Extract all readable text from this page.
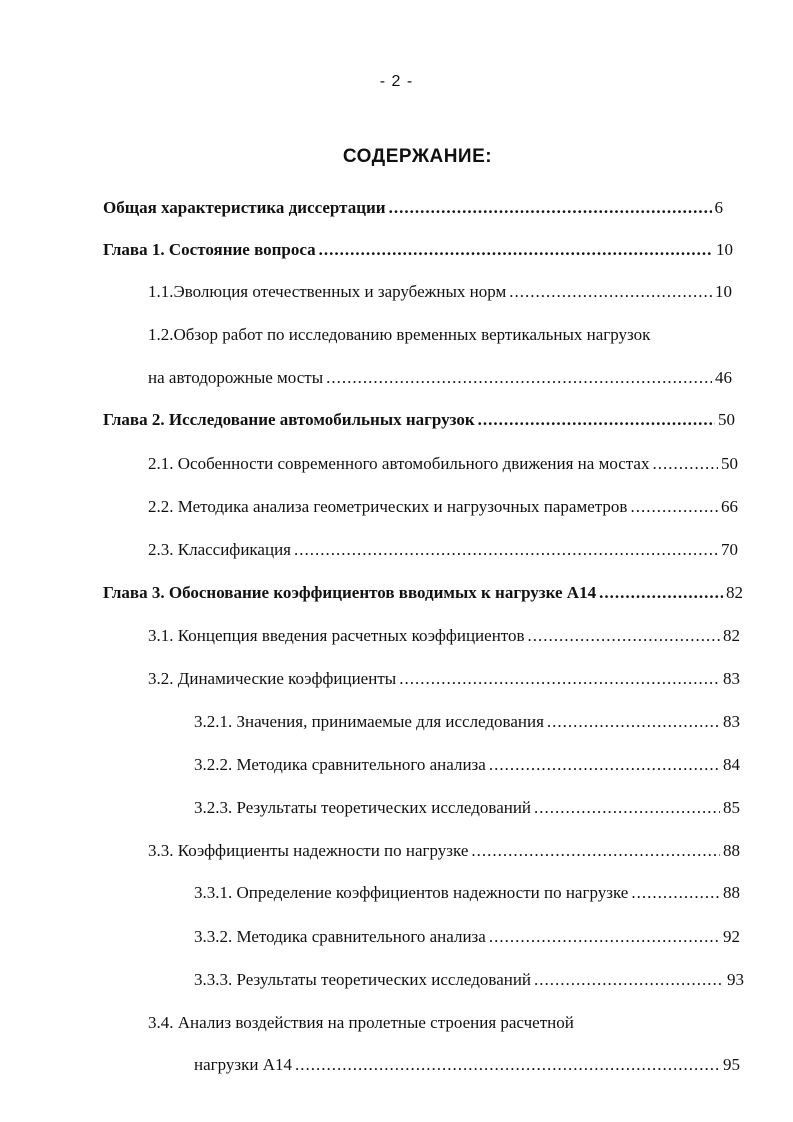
- 2 -
СОДЕРЖАНИЕ:
Общая характеристика диссертации .....	6
Глава 1. Состояние вопроса .....	10
1.1.Эволюция отечественных и зарубежных норм .....	10
1.2.Обзор работ по исследованию временных вертикальных нагрузок
на автодорожные мосты .....	46
Глава 2. Исследование автомобильных нагрузок .....	50
2.1. Особенности современного автомобильного движения на мостах .....	50
2.2. Методика анализа геометрических и нагрузочных параметров .....	66
2.3. Классификация .....	70
Глава 3. Обоснование коэффициентов вводимых к нагрузке А14 .....	82
3.1. Концепция введения расчетных коэффициентов .....	82
3.2. Динамические коэффициенты .....	83
3.2.1. Значения, принимаемые для исследования .....	83
3.2.2. Методика сравнительного анализа .....	84
3.2.3. Результаты теоретических исследований .....	85
3.3. Коэффициенты надежности по нагрузке .....	88
3.3.1. Определение коэффициентов надежности по нагрузке .....	88
3.3.2. Методика сравнительного анализа .....	92
3.3.3. Результаты теоретических исследований .....	93
3.4. Анализ воздействия на пролетные строения расчетной
нагрузки А14 .....	95
